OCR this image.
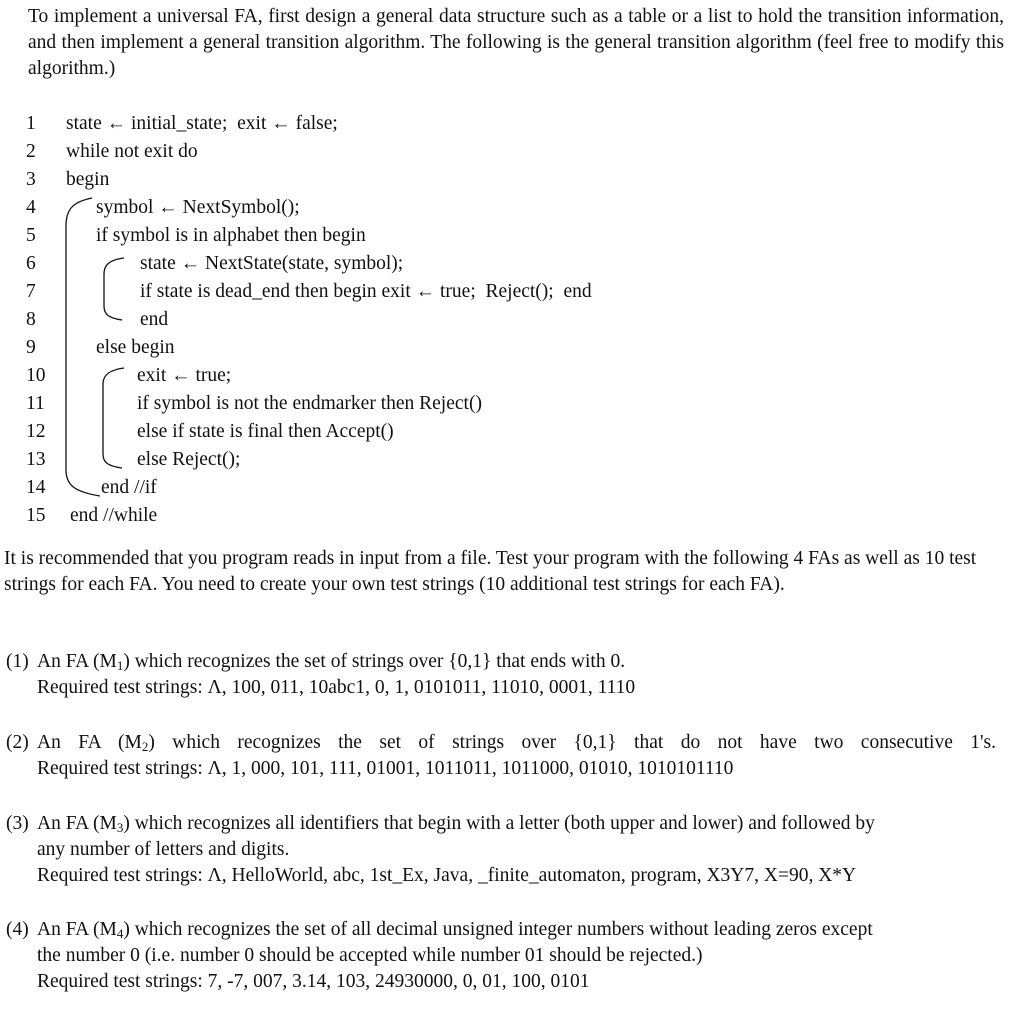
To implement a universal FA, first design a general data structure such as a table or a list to hold the transition information, and then implement a general transition algorithm. The following is the general transition algorithm (feel free to modify this algorithm.)

1
2
3
4
5
6
7
8
9
10
11
12
13
14
15
state ← initial_state;  exit ← false;
while not exit do
begin
symbol ← NextSymbol();
if symbol is in alphabet then begin
state ← NextState(state, symbol);
if state is dead_end then begin exit ← true;  Reject();  end
end
else begin
exit ← true;
if symbol is not the endmarker then Reject()
else if state is final then Accept()
else Reject();
end //if
end //while

It is recommended that you program reads in input from a file. Test your program with the following 4 FAs as well as 10 test strings for each FA. You need to create your own test strings (10 additional test strings for each FA).

(1) An FA $(M_1)$ which recognizes the set of strings over {0,1} that ends with 0.
Required test strings: Λ, 100, 011, 10abc1, 0, 1, 0101011, 11010, 0001, 1110
(2) An FA $(M_2)$ which recognizes the set of strings over {0,1} that do not have two consecutive 1's.
Required test strings: Λ, 1, 000, 101, 111, 01001, 1011011, 1011000, 01010, 1010101110
(3) An FA $(M_3)$ which recognizes all identifiers that begin with a letter (both upper and lower) and followed by
any number of letters and digits.
Required test strings: Λ, HelloWorld, abc, 1st_Ex, Java, _finite_automaton, program, X3Y7, X=90, X*Y
(4) An FA $(M_4)$ which recognizes the set of all decimal unsigned integer numbers without leading zeros except
the number 0 (i.e. number 0 should be accepted while number 01 should be rejected.)
Required test strings: 7, -7, 007, 3.14, 103, 24930000, 0, 01, 100, 0101
